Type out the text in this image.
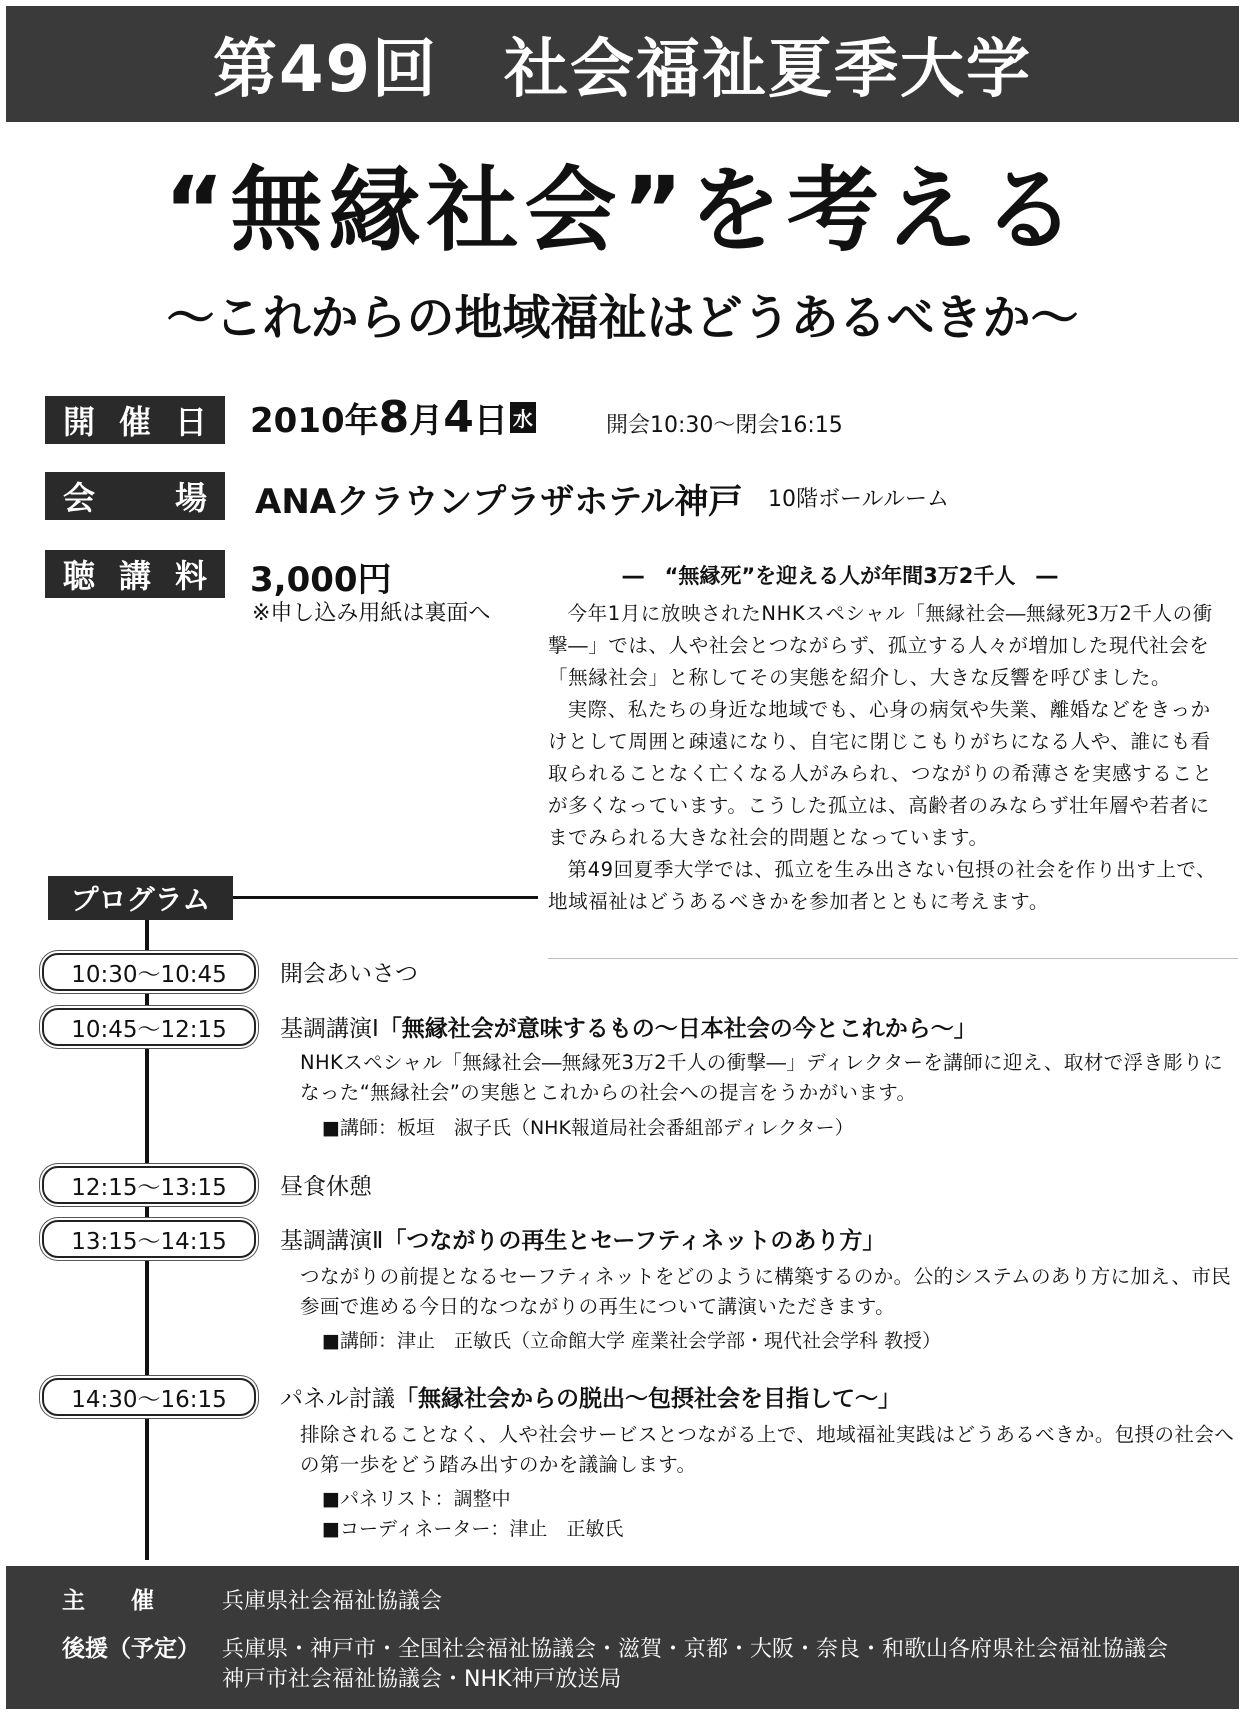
第49回　社会福祉夏季大学
“無縁社会”を考える
～これからの地域福祉はどうあるべきか～
開 催 日 2010年8月4日 水	開会10:30～閉会16:15
会 場 ANAクラウンプラザホテル神戸 10階ボールルーム
聴 講 料 3,000円
※申し込み用紙は裏面へ
―　“無縁死”を迎える人が年間3万2千人　―

今年1月に放映されたNHKスペシャル「無縁社会―無縁死3万2千人の衝撃―」では、人や社会とつながらず、孤立する人々が増加した現代社会を「無縁社会」と称してその実態を紹介し、大きな反響を呼びました。

実際、私たちの身近な地域でも、心身の病気や失業、離婚などをきっかけとして周囲と疎遠になり、自宅に閉じこもりがちになる人や、誰にも看取られることなく亡くなる人がみられ、つながりの希薄さを実感することが多くなっています。こうした孤立は、高齢者のみならず壮年層や若者にまでみられる大きな社会的問題となっています。

第49回夏季大学では、孤立を生み出さない包摂の社会を作り出す上で、地域福祉はどうあるべきかを参加者とともに考えます。

プログラム
10:30～10:45	開会あいさつ
10:45～12:15	基調講演Ⅰ「無縁社会が意味するもの～日本社会の今とこれから～」
NHKスペシャル「無縁社会―無縁死3万2千人の衝撃―」ディレクターを講師に迎え、取材で浮き彫りになった“無縁社会”の実態とこれからの社会への提言をうかがいます。
■講師：板垣　淑子氏（NHK報道局社会番組部ディレクター）
12:15～13:15	昼食休憩
13:15～14:15	基調講演Ⅱ「つながりの再生とセーフティネットのあり方」
つながりの前提となるセーフティネットをどのように構築するのか。公的システムのあり方に加え、市民参画で進める今日的なつながりの再生について講演いただきます。
■講師：津止　正敏氏（立命館大学 産業社会学部・現代社会学科 教授）
14:30～16:15	パネル討議「無縁社会からの脱出～包摂社会を目指して～」
排除されることなく、人や社会サービスとつながる上で、地域福祉実践はどうあるべきか。包摂の社会への第一歩をどう踏み出すのかを議論します。
■パネリスト：調整中
■コーディネーター：津止　正敏氏
主　　催	兵庫県社会福祉協議会
後援（予定） 兵庫県・神戸市・全国社会福祉協議会・滋賀・京都・大阪・奈良・和歌山各府県社会福祉協議会
神戸市社会福祉協議会・NHK神戸放送局
